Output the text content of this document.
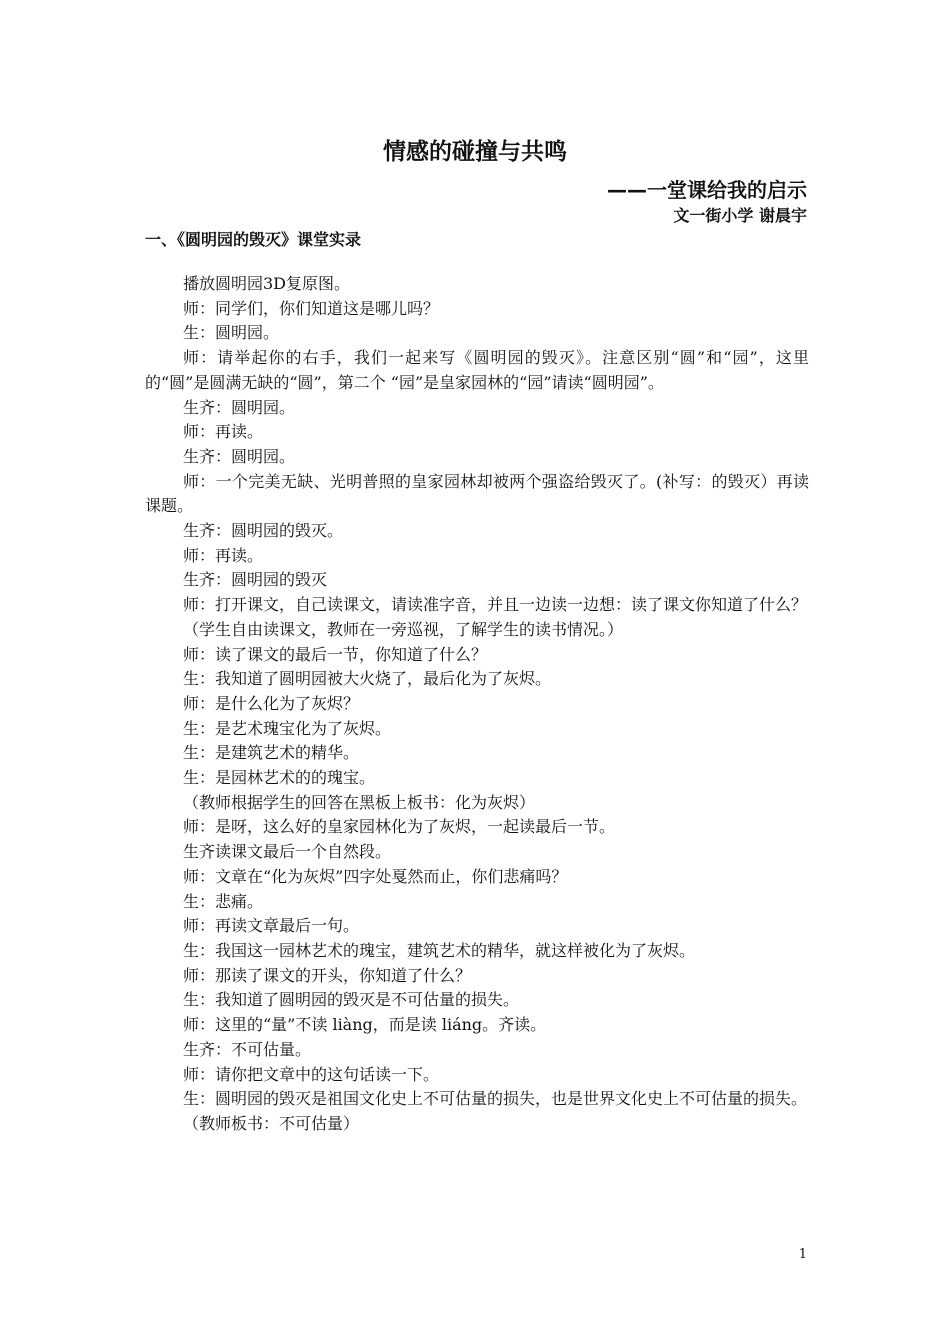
情感的碰撞与共鸣
——一堂课给我的启示
文一街小学 谢晨宇
一、《圆明园的毁灭》课堂实录

播放圆明园3D复原图。

师：同学们，你们知道这是哪儿吗？

生：圆明园。

师：请举起你的右手，我们一起来写《圆明园的毁灭》。注意区别“圆”和“园”，这里的“圆”是圆满无缺的“圆”，第二个 “园”是皇家园林的“园”请读“圆明园”。

生齐：圆明园。

师：再读。

生齐：圆明园。

师：一个完美无缺、光明普照的皇家园林却被两个强盗给毁灭了。(补写：的毁灭）再读课题。

生齐：圆明园的毁灭。

师：再读。

生齐：圆明园的毁灭

师：打开课文，自己读课文，请读准字音，并且一边读一边想：读了课文你知道了什么？

（学生自由读课文，教师在一旁巡视，了解学生的读书情况。）

师：读了课文的最后一节，你知道了什么？

生：我知道了圆明园被大火烧了，最后化为了灰烬。

师：是什么化为了灰烬？

生：是艺术瑰宝化为了灰烬。

生：是建筑艺术的精华。

生：是园林艺术的的瑰宝。

（教师根据学生的回答在黑板上板书：化为灰烬）

师：是呀，这么好的皇家园林化为了灰烬，一起读最后一节。

生齐读课文最后一个自然段。

师：文章在“化为灰烬”四字处戛然而止，你们悲痛吗？

生：悲痛。

师：再读文章最后一句。

生：我国这一园林艺术的瑰宝，建筑艺术的精华，就这样被化为了灰烬。

师：那读了课文的开头，你知道了什么？

生：我知道了圆明园的毁灭是不可估量的损失。

师：这里的“量”不读 liàng，而是读 liáng。齐读。

生齐：不可估量。

师：请你把文章中的这句话读一下。

生：圆明园的毁灭是祖国文化史上不可估量的损失，也是世界文化史上不可估量的损失。

（教师板书：不可估量）

1
